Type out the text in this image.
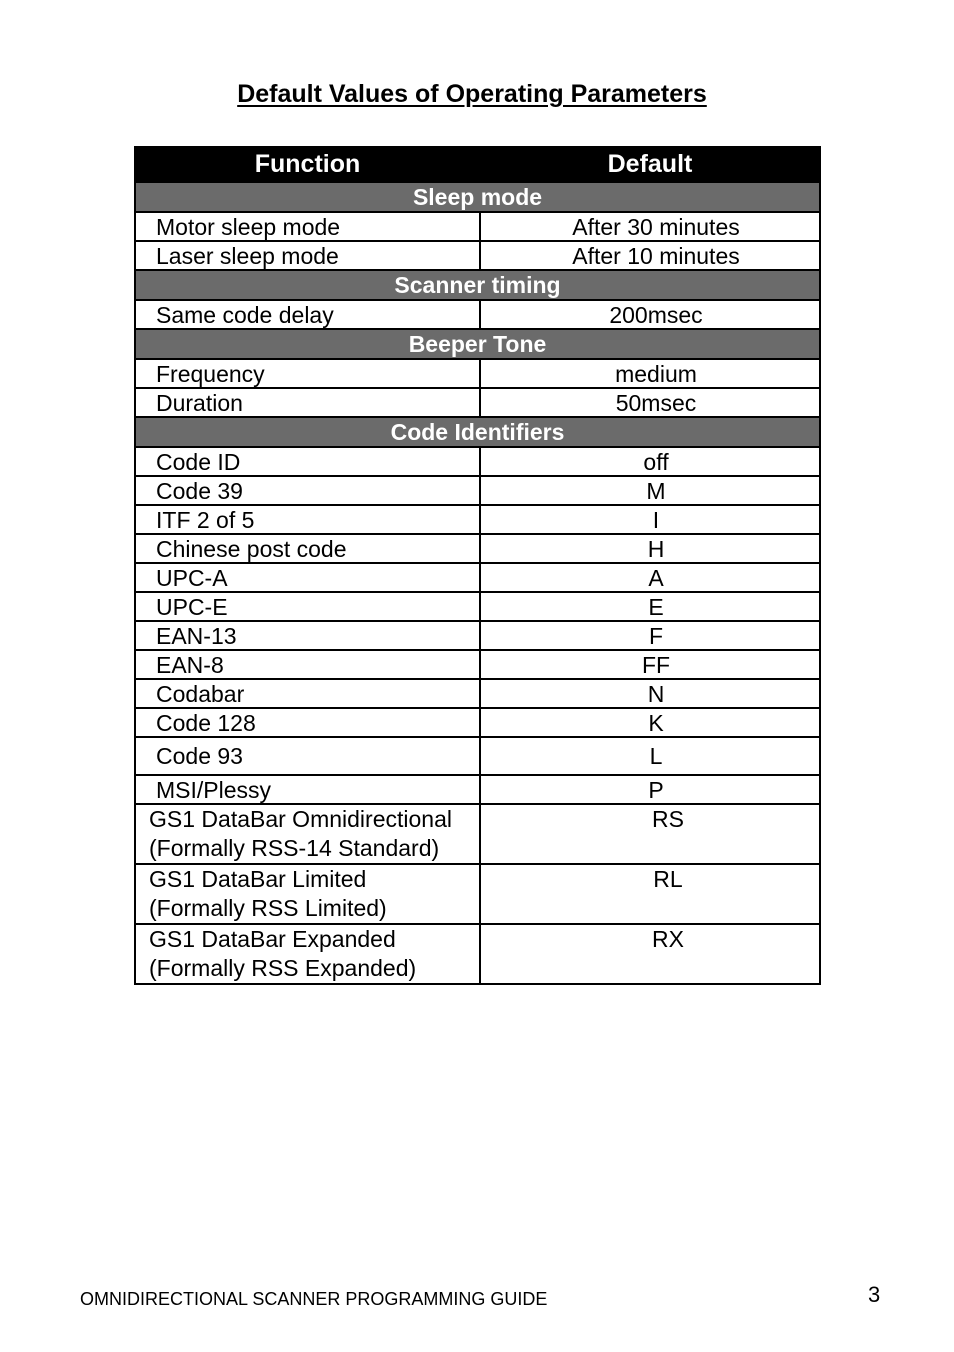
Default Values of Operating Parameters
Function	Default
Sleep mode	
Motor sleep mode	After 30 minutes
Laser sleep mode	After 10 minutes
Scanner timing	
Same code delay	200msec
Beeper Tone	
Frequency	medium
Duration	50msec
Code Identifiers	
Code ID	off
Code 39	M
ITF 2 of 5	I
Chinese post code	H
UPC-A	A
UPC-E	E
EAN-13	F
EAN-8	FF
Codabar	N
Code 128	K
Code 93	L
MSI/Plessy	P
GS1 DataBar Omnidirectional
(Formally RSS-14 Standard)	RS
GS1 DataBar Limited
(Formally RSS Limited)	RL
GS1 DataBar Expanded
(Formally RSS Expanded)	RX
OMNIDIRECTIONAL SCANNER PROGRAMMING GUIDE	3
